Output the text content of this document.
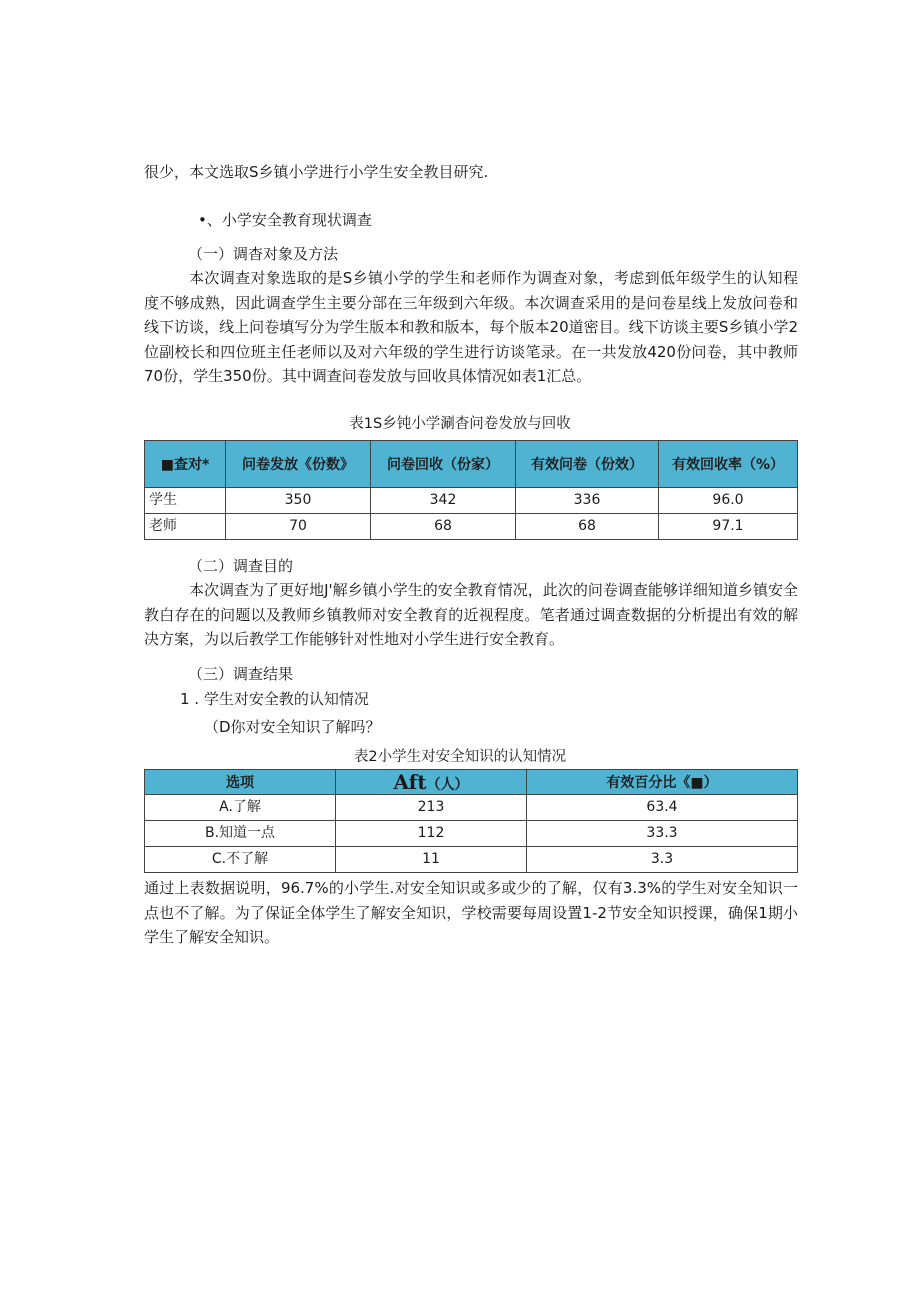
很少，本文选取S乡镇小学进行小学生安全教目研究.
•、小学安全教育现状调查
（一）调杳对象及方法
本次调查对象选取的是S乡镇小学的学生和老师作为调查对象，考虑到低年级学生的认知程度不够成熟，因此调查学生主要分部在三年级到六年级。本次调查采用的是问卷星线上发放问卷和线下访谈，线上问卷填写分为学生版本和教和版本，每个版本20道密目。线下访谈主要S乡镇小学2位副校长和四位班主任老师以及对六年级的学生进行访谈笔录。在一共发放420份问卷，其中教师70份，学生350份。其中调查问卷发放与回收具体情况如表1汇总。
表1S乡钝小学涮杳问卷发放与回收
■查对*	问卷发放《份数》	问卷回收（份家）	有效问卷（份效）	有效回收率（%）
学生	350	342	336	96.0
老师	70	68	68	97.1
（二）调查目的
本次调查为了更好地J'解乡镇小学生的安全教育情况，此次的问卷调查能够详细知道乡镇安全教白存在的问题以及教师乡镇教师对安全教育的近视程度。笔者通过调查数据的分析提出有效的解决方案，为以后教学工作能够针对性地对小学生进行安全教育。
（三）调查结果
1 . 学生对安全教的认知情况
（D你对安全知识了解吗？
表2小学生对安全知识的认知情况
选项	Aft（人）	有效百分比《■）
A.了解	213	63.4
B.知道一点	112	33.3
C.不了解	11	3.3
通过上表数据说明，96.7%的小学生.对安全知识或多或少的了解，仅有3.3%的学生对安全知识一点也不了解。为了保证全体学生了解安全知识，学校需要每周设置1-2节安全知识授课，确保1期小学生了解安全知识。
